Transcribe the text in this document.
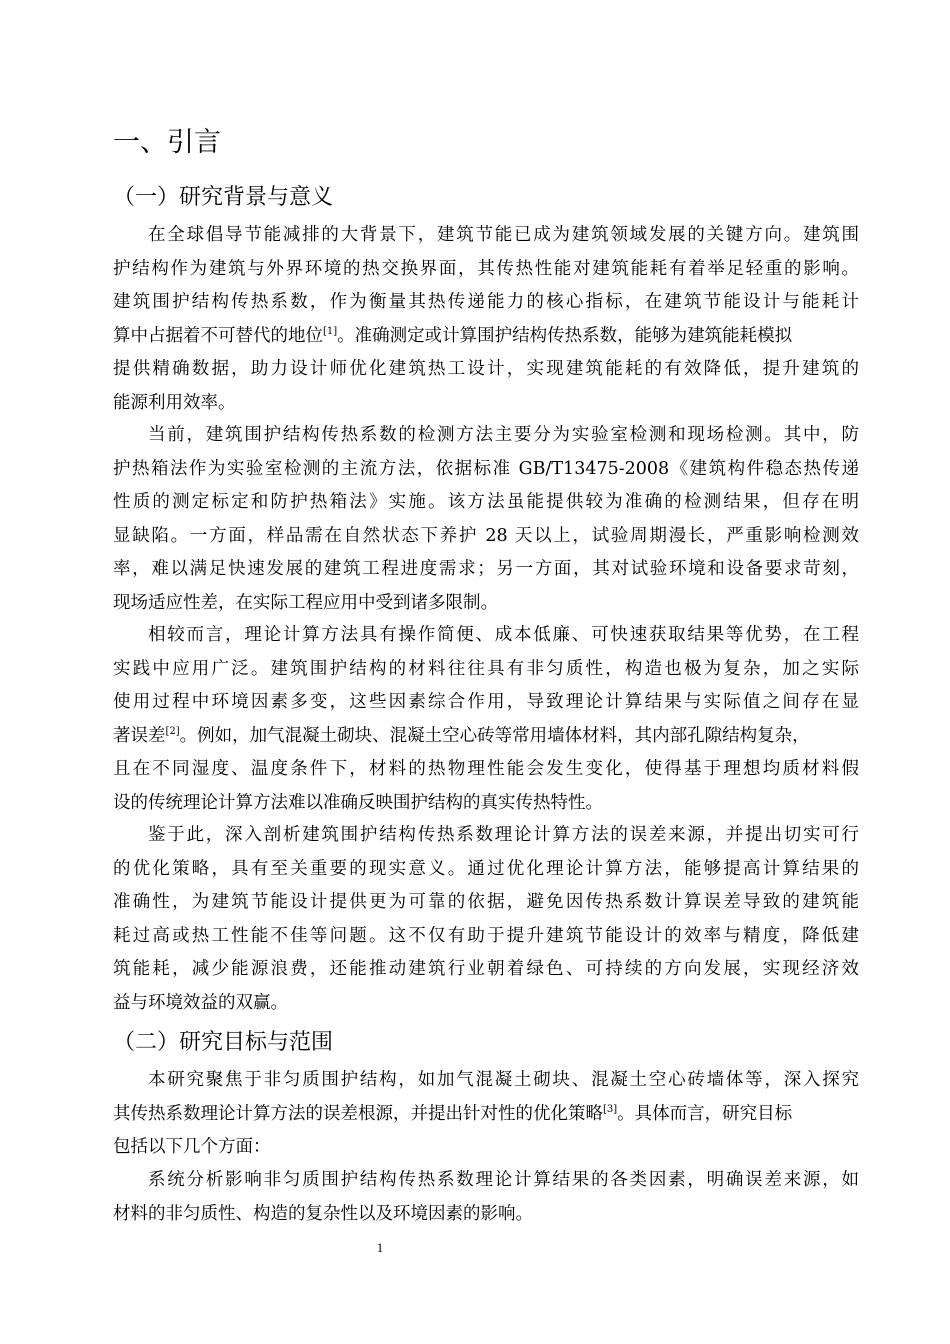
一、引言
（一）研究背景与意义
在全球倡导节能减排的大背景下，建筑节能已成为建筑领域发展的关键方向。建筑围
护结构作为建筑与外界环境的热交换界面，其传热性能对建筑能耗有着举足轻重的影响。
建筑围护结构传热系数，作为衡量其热传递能力的核心指标，在建筑节能设计与能耗计
算中占据着不可替代的地位[1]。准确测定或计算围护结构传热系数，能够为建筑能耗模拟
提供精确数据，助力设计师优化建筑热工设计，实现建筑能耗的有效降低，提升建筑的
能源利用效率。
当前，建筑围护结构传热系数的检测方法主要分为实验室检测和现场检测。其中，防
护热箱法作为实验室检测的主流方法，依据标准 GB/T13475-2008《建筑构件稳态热传递
性质的测定标定和防护热箱法》实施。该方法虽能提供较为准确的检测结果，但存在明
显缺陷。一方面，样品需在自然状态下养护 28 天以上，试验周期漫长，严重影响检测效
率，难以满足快速发展的建筑工程进度需求；另一方面，其对试验环境和设备要求苛刻，
现场适应性差，在实际工程应用中受到诸多限制。
相较而言，理论计算方法具有操作简便、成本低廉、可快速获取结果等优势，在工程
实践中应用广泛。建筑围护结构的材料往往具有非匀质性，构造也极为复杂，加之实际
使用过程中环境因素多变，这些因素综合作用，导致理论计算结果与实际值之间存在显
著误差[2]。例如，加气混凝土砌块、混凝土空心砖等常用墙体材料，其内部孔隙结构复杂，
且在不同湿度、温度条件下，材料的热物理性能会发生变化，使得基于理想均质材料假
设的传统理论计算方法难以准确反映围护结构的真实传热特性。
鉴于此，深入剖析建筑围护结构传热系数理论计算方法的误差来源，并提出切实可行
的优化策略，具有至关重要的现实意义。通过优化理论计算方法，能够提高计算结果的
准确性，为建筑节能设计提供更为可靠的依据，避免因传热系数计算误差导致的建筑能
耗过高或热工性能不佳等问题。这不仅有助于提升建筑节能设计的效率与精度，降低建
筑能耗，减少能源浪费，还能推动建筑行业朝着绿色、可持续的方向发展，实现经济效
益与环境效益的双赢。
（二）研究目标与范围
本研究聚焦于非匀质围护结构，如加气混凝土砌块、混凝土空心砖墙体等，深入探究
其传热系数理论计算方法的误差根源，并提出针对性的优化策略[3]。具体而言，研究目标
包括以下几个方面：
系统分析影响非匀质围护结构传热系数理论计算结果的各类因素，明确误差来源，如
材料的非匀质性、构造的复杂性以及环境因素的影响。
1
